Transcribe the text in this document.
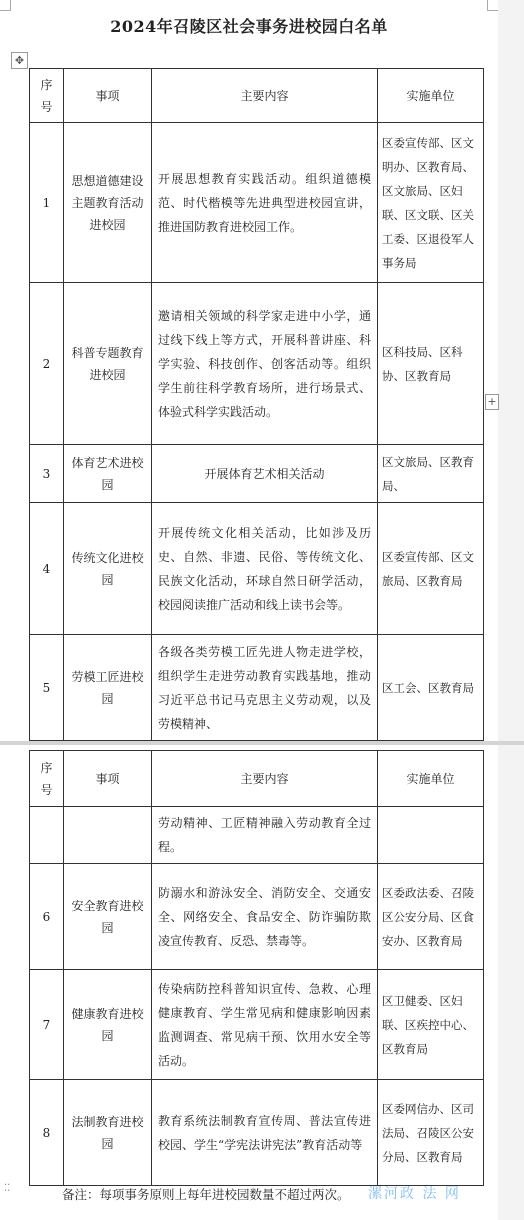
2024年召陵区社会事务进校园白名单
✥
序号	事项	主要内容	实施单位
1	思想道德建设主题教育活动进校园	开展思想教育实践活动。组织道德模范、时代楷模等先进典型进校园宣讲，推进国防教育进校园工作。	区委宣传部、区文明办、区教育局、区文旅局、区妇联、区文联、区关工委、区退役军人事务局
2	科普专题教育进校园	邀请相关领域的科学家走进中小学，通过线下线上等方式，开展科普讲座、科学实验、科技创作、创客活动等。组织学生前往科学教育场所，进行场景式、体验式科学实践活动。	区科技局、区科协、区教育局
3	体育艺术进校园	开展体育艺术相关活动	区文旅局、区教育局、
4	传统文化进校园	开展传统文化相关活动，比如涉及历史、自然、非遗、民俗、等传统文化、民族文化活动，环球自然日研学活动，校园阅读推广活动和线上读书会等。	区委宣传部、区文旅局、区教育局
5	劳模工匠进校园	各级各类劳模工匠先进人物走进学校，组织学生走进劳动教育实践基地，推动习近平总书记马克思主义劳动观，以及劳模精神、	区工会、区教育局
+
序号	事项	主要内容	实施单位
		劳动精神、工匠精神融入劳动教育全过程。	
6	安全教育进校园	防溺水和游泳安全、消防安全、交通安全、网络安全、食品安全、防诈骗防欺凌宣传教育、反恐、禁毒等。	区委政法委、召陵区公安分局、区食安办、区教育局
7	健康教育进校园	传染病防控科普知识宣传、急救、心理健康教育、学生常见病和健康影响因素监测调查、常见病干预、饮用水安全等活动。	区卫健委、区妇联、区疾控中心、区教育局
8	法制教育进校园	教育系统法制教育宣传周、普法宣传进校园、学生“学宪法讲宪法”教育活动等	区委网信办、区司法局、召陵区公安分局、区教育局
⁚⁚	备注：每项事务原则上每年进校园数量不超过两次。 漯河政 法 网
